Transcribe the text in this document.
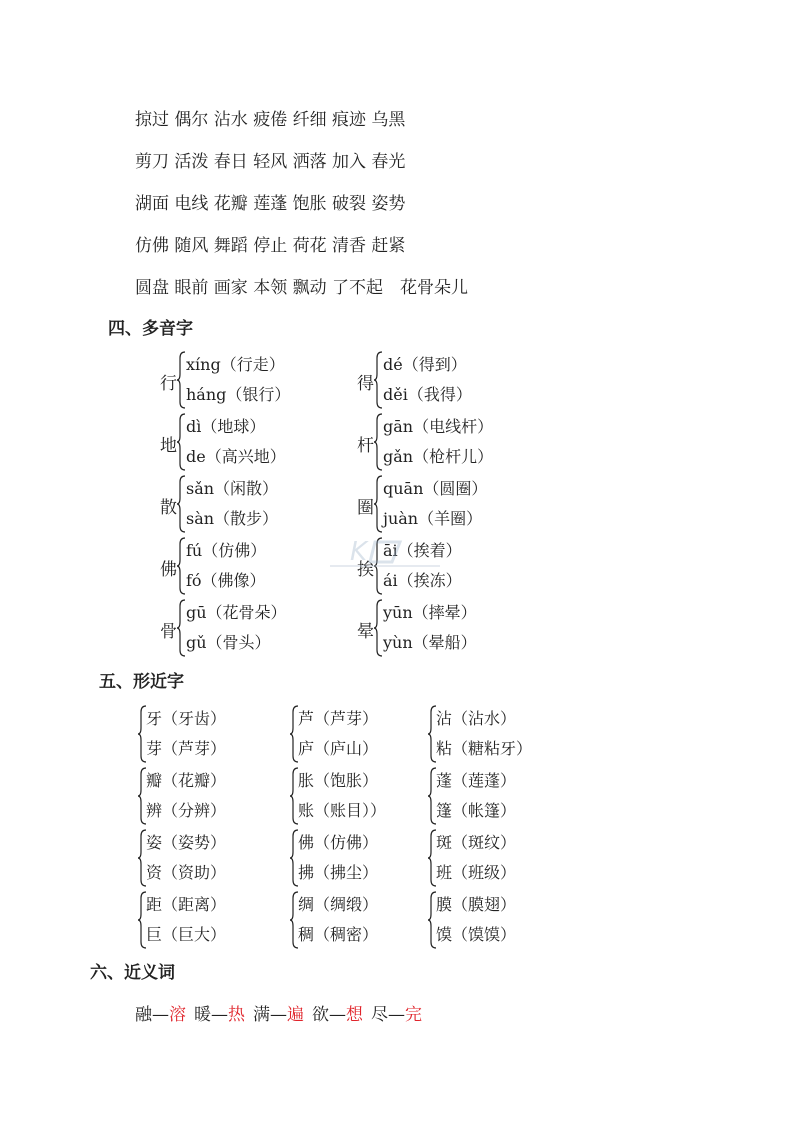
掠过 偶尔 沾水 疲倦 纤细 痕迹 乌黑
剪刀 活泼 春日 轻风 洒落 加入 春光
湖面 电线 花瓣 莲蓬 饱胀 破裂 姿势
仿佛 随风 舞蹈 停止 荷花 清香 赶紧
圆盘 眼前 画家 本领 飘动 了不起　花骨朵儿
四、多音字
行
xíng（行走）
háng（银行）
得
dé（得到）
děi（我得）
地
dì（地球）
de（高兴地）
杆
gān（电线杆）
gǎn（枪杆儿）
散
sǎn（闲散）
sàn（散步）
圈
quān（圆圈）
juàn（羊圈）
佛
fú（仿佛）
fó（佛像）
挨
āi（挨着）
ái（挨冻）
骨
gū（花骨朵）
gǔ（骨头）
晕
yūn（摔晕）
yùn（晕船）
五、形近字
牙（牙齿）
芽（芦芽）
芦（芦芽）
庐（庐山）
沾（沾水）
粘（糖粘牙）
瓣（花瓣）
辨（分辨）
胀（饱胀）
账（账目））
蓬（莲蓬）
篷（帐篷）
姿（姿势）
资（资助）
佛（仿佛）
拂（拂尘）
斑（斑纹）
班（班级）
距（距离）
巨（巨大）
绸（绸缎）
稠（稠密）
膜（膜翅）
馍（馍馍）
六、近义词
融—溶 暖—热 满—遍 欲—想 尽—完
K
